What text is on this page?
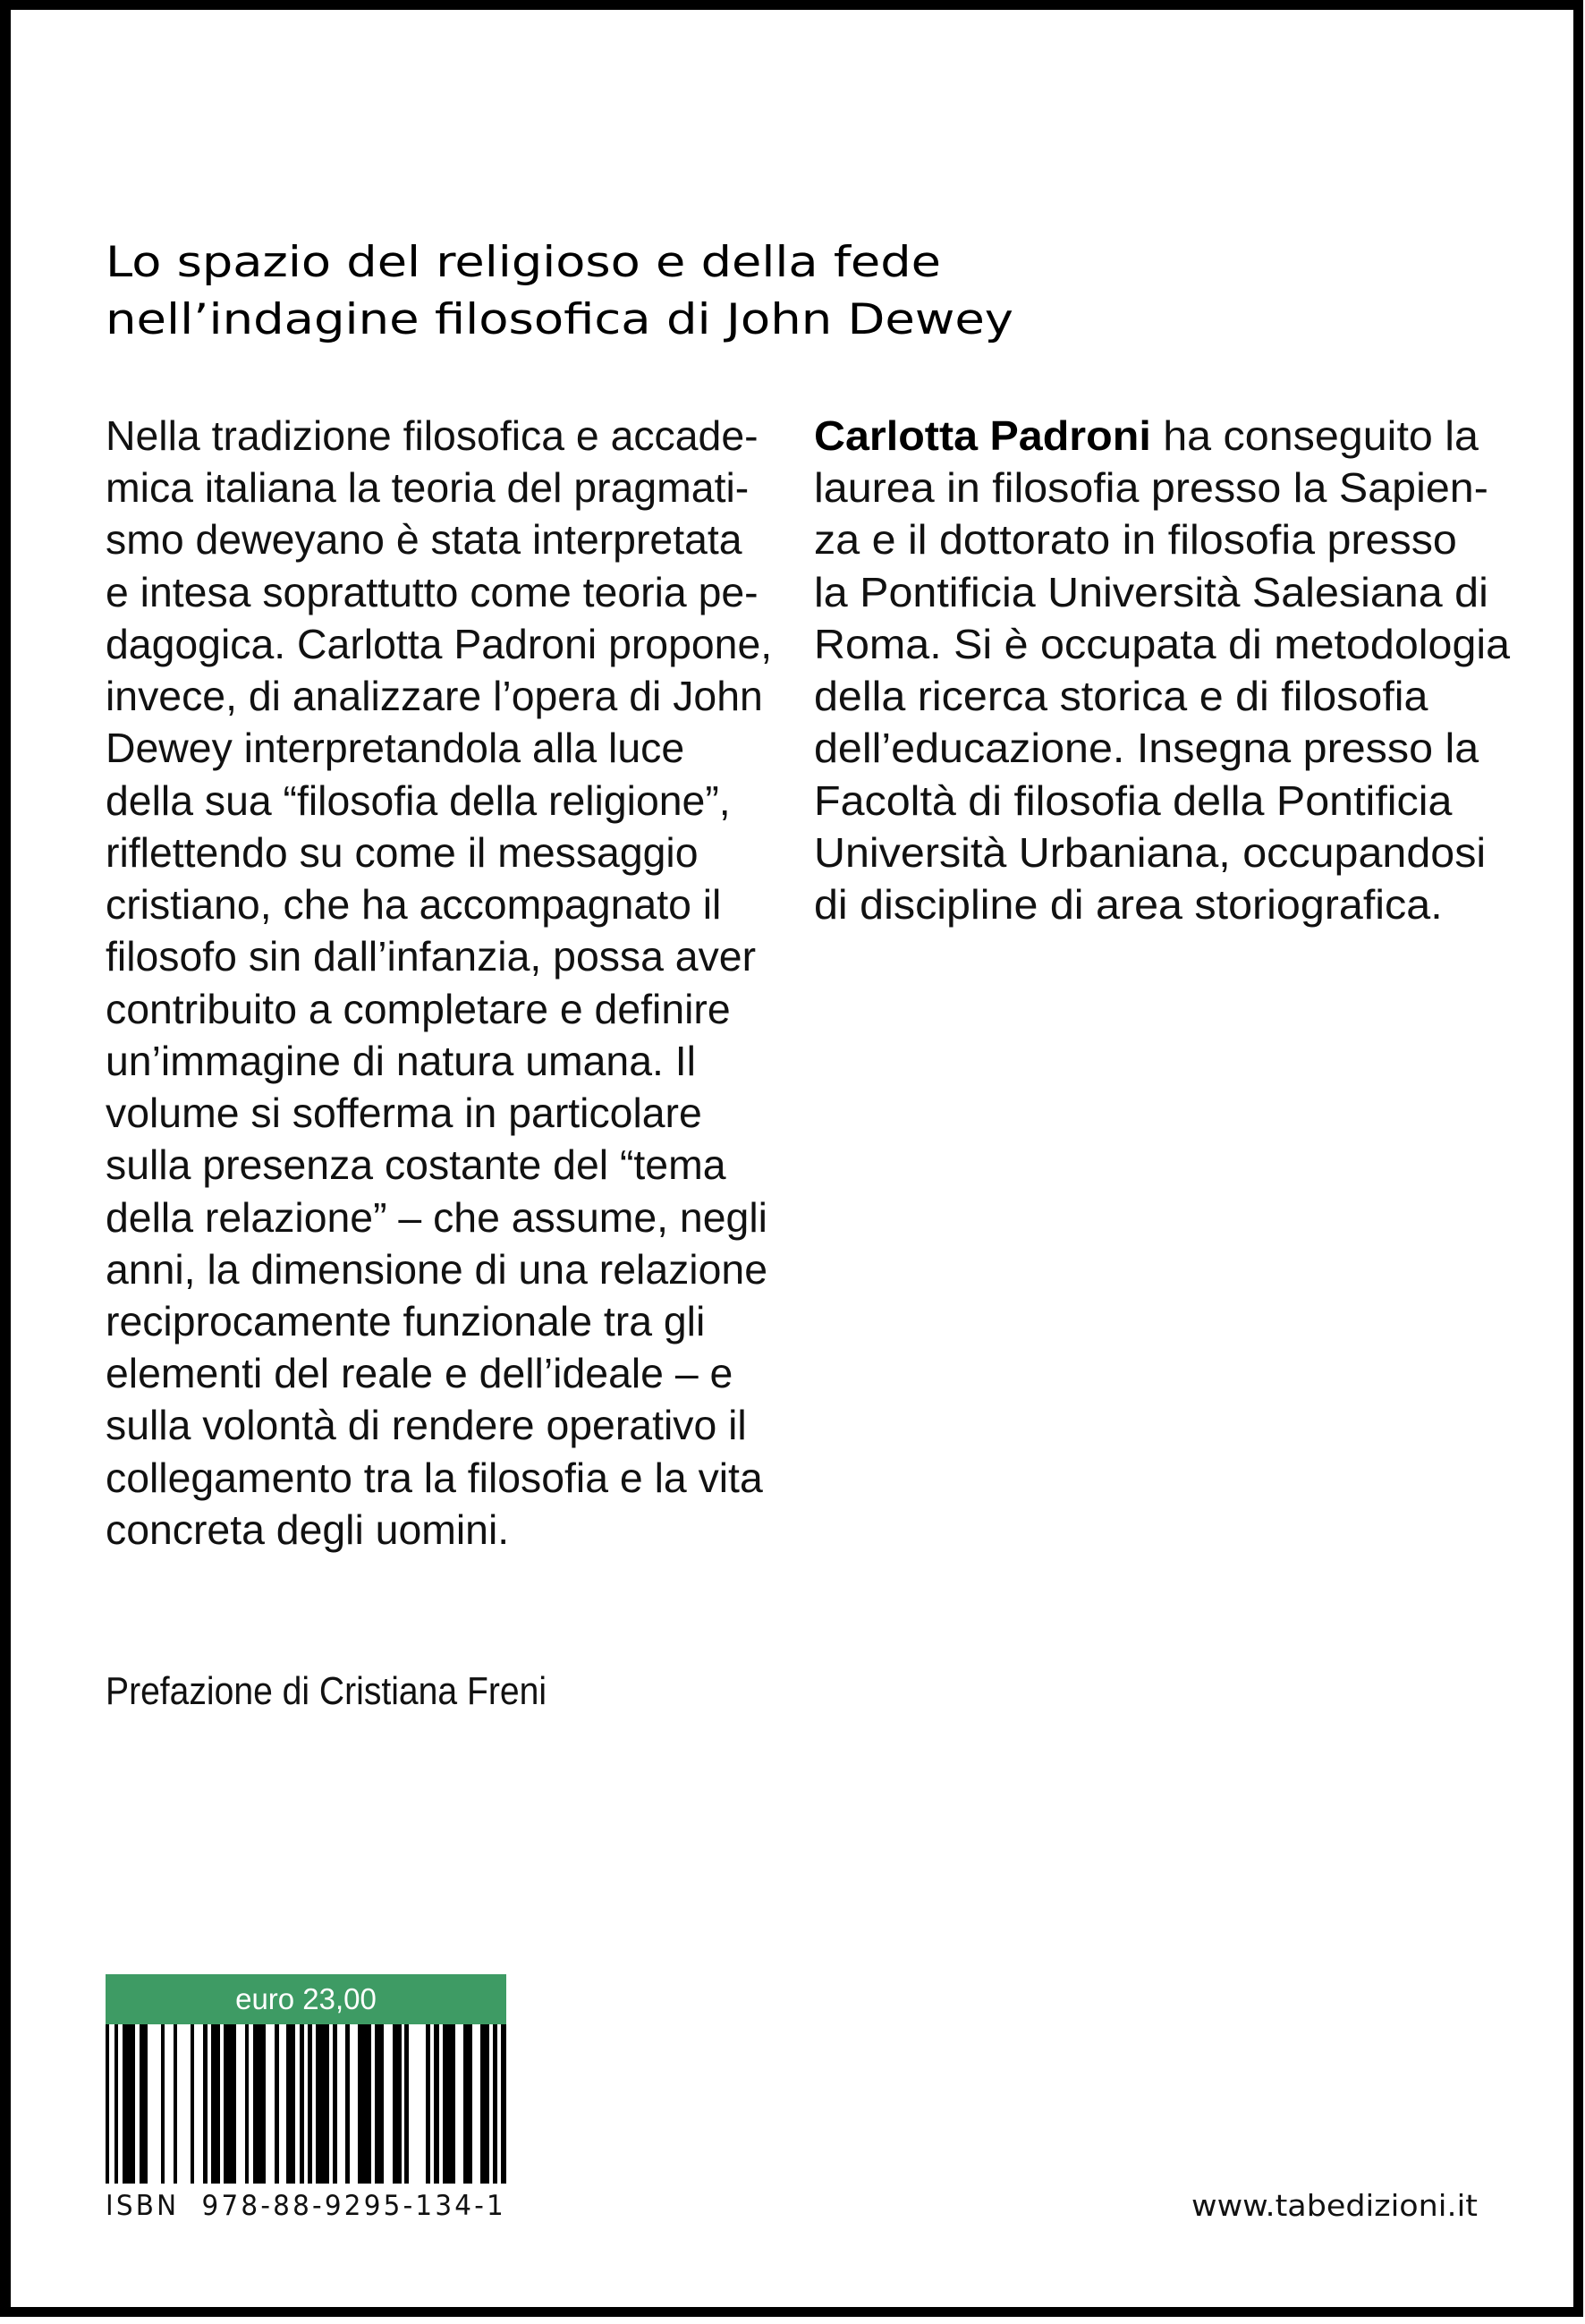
Lo spazio del religioso e della fede
nell’indagine filosofica di John Dewey
Nella tradizione filosofica e accade-
mica italiana la teoria del pragmati-
smo deweyano è stata interpretata
e intesa soprattutto come teoria pe-
dagogica. Carlotta Padroni propone,
invece, di analizzare l’opera di John
Dewey interpretandola alla luce
della sua “filosofia della religione”,
riflettendo su come il messaggio
cristiano, che ha accompagnato il
filosofo sin dall’infanzia, possa aver
contribuito a completare e definire
un’immagine di natura umana. Il
volume si sofferma in particolare
sulla presenza costante del “tema
della relazione” – che assume, negli
anni, la dimensione di una relazione
reciprocamente funzionale tra gli
elementi del reale e dell’ideale – e
sulla volontà di rendere operativo il
collegamento tra la filosofia e la vita
concreta degli uomini.
Carlotta Padroni ha conseguito la
laurea in filosofia presso la Sapien-
za e il dottorato in filosofia presso
la Pontificia Università Salesiana di
Roma. Si è occupata di metodologia
della ricerca storica e di filosofia
dell’educazione. Insegna presso la
Facoltà di filosofia della Pontificia
Università Urbaniana, occupandosi
di discipline di area storiografica.
Prefazione di Cristiana Freni
euro 23,00
ISBN  978-88-9295-134-1	www.tabedizioni.it
